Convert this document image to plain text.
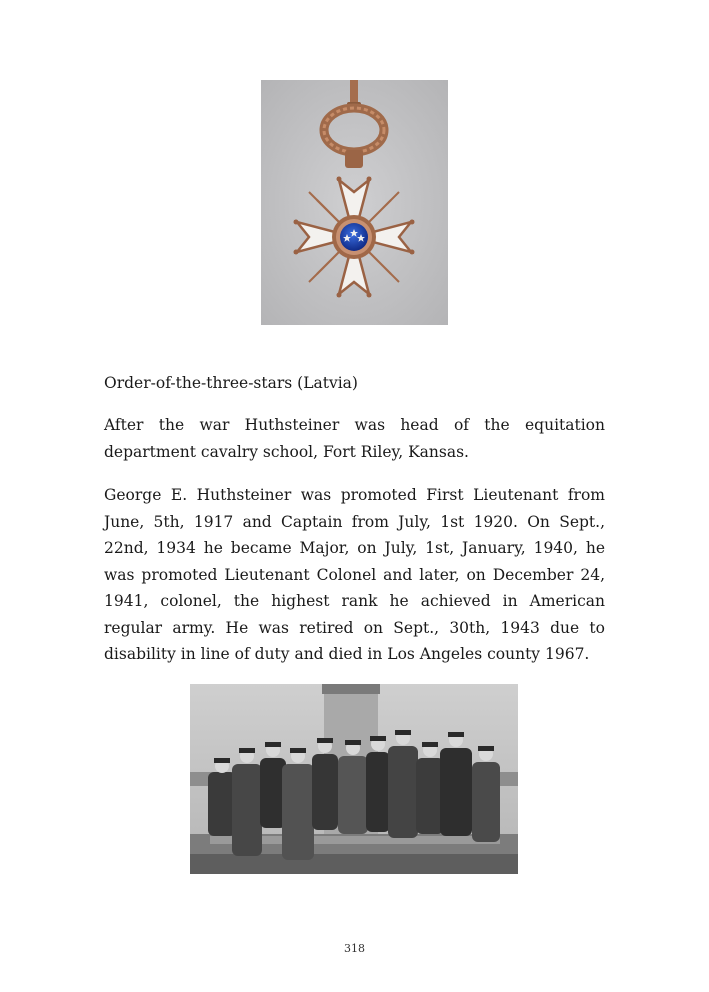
Order-of-the-three-stars (Latvia)

After the war Huthsteiner was head of the equitation department cavalry school, Fort Riley, Kansas.

George E. Huthsteiner was promoted First Lieutenant from June, 5th, 1917 and Captain from July, 1st 1920. On Sept., 22nd, 1934 he became Major, on July, 1st, January, 1940, he was promoted Lieutenant Colonel and later, on December 24, 1941, colonel, the highest rank he achieved in American regular army. He was retired on Sept., 30th, 1943 due to disability in line of duty and died in Los Angeles county 1967.

318
